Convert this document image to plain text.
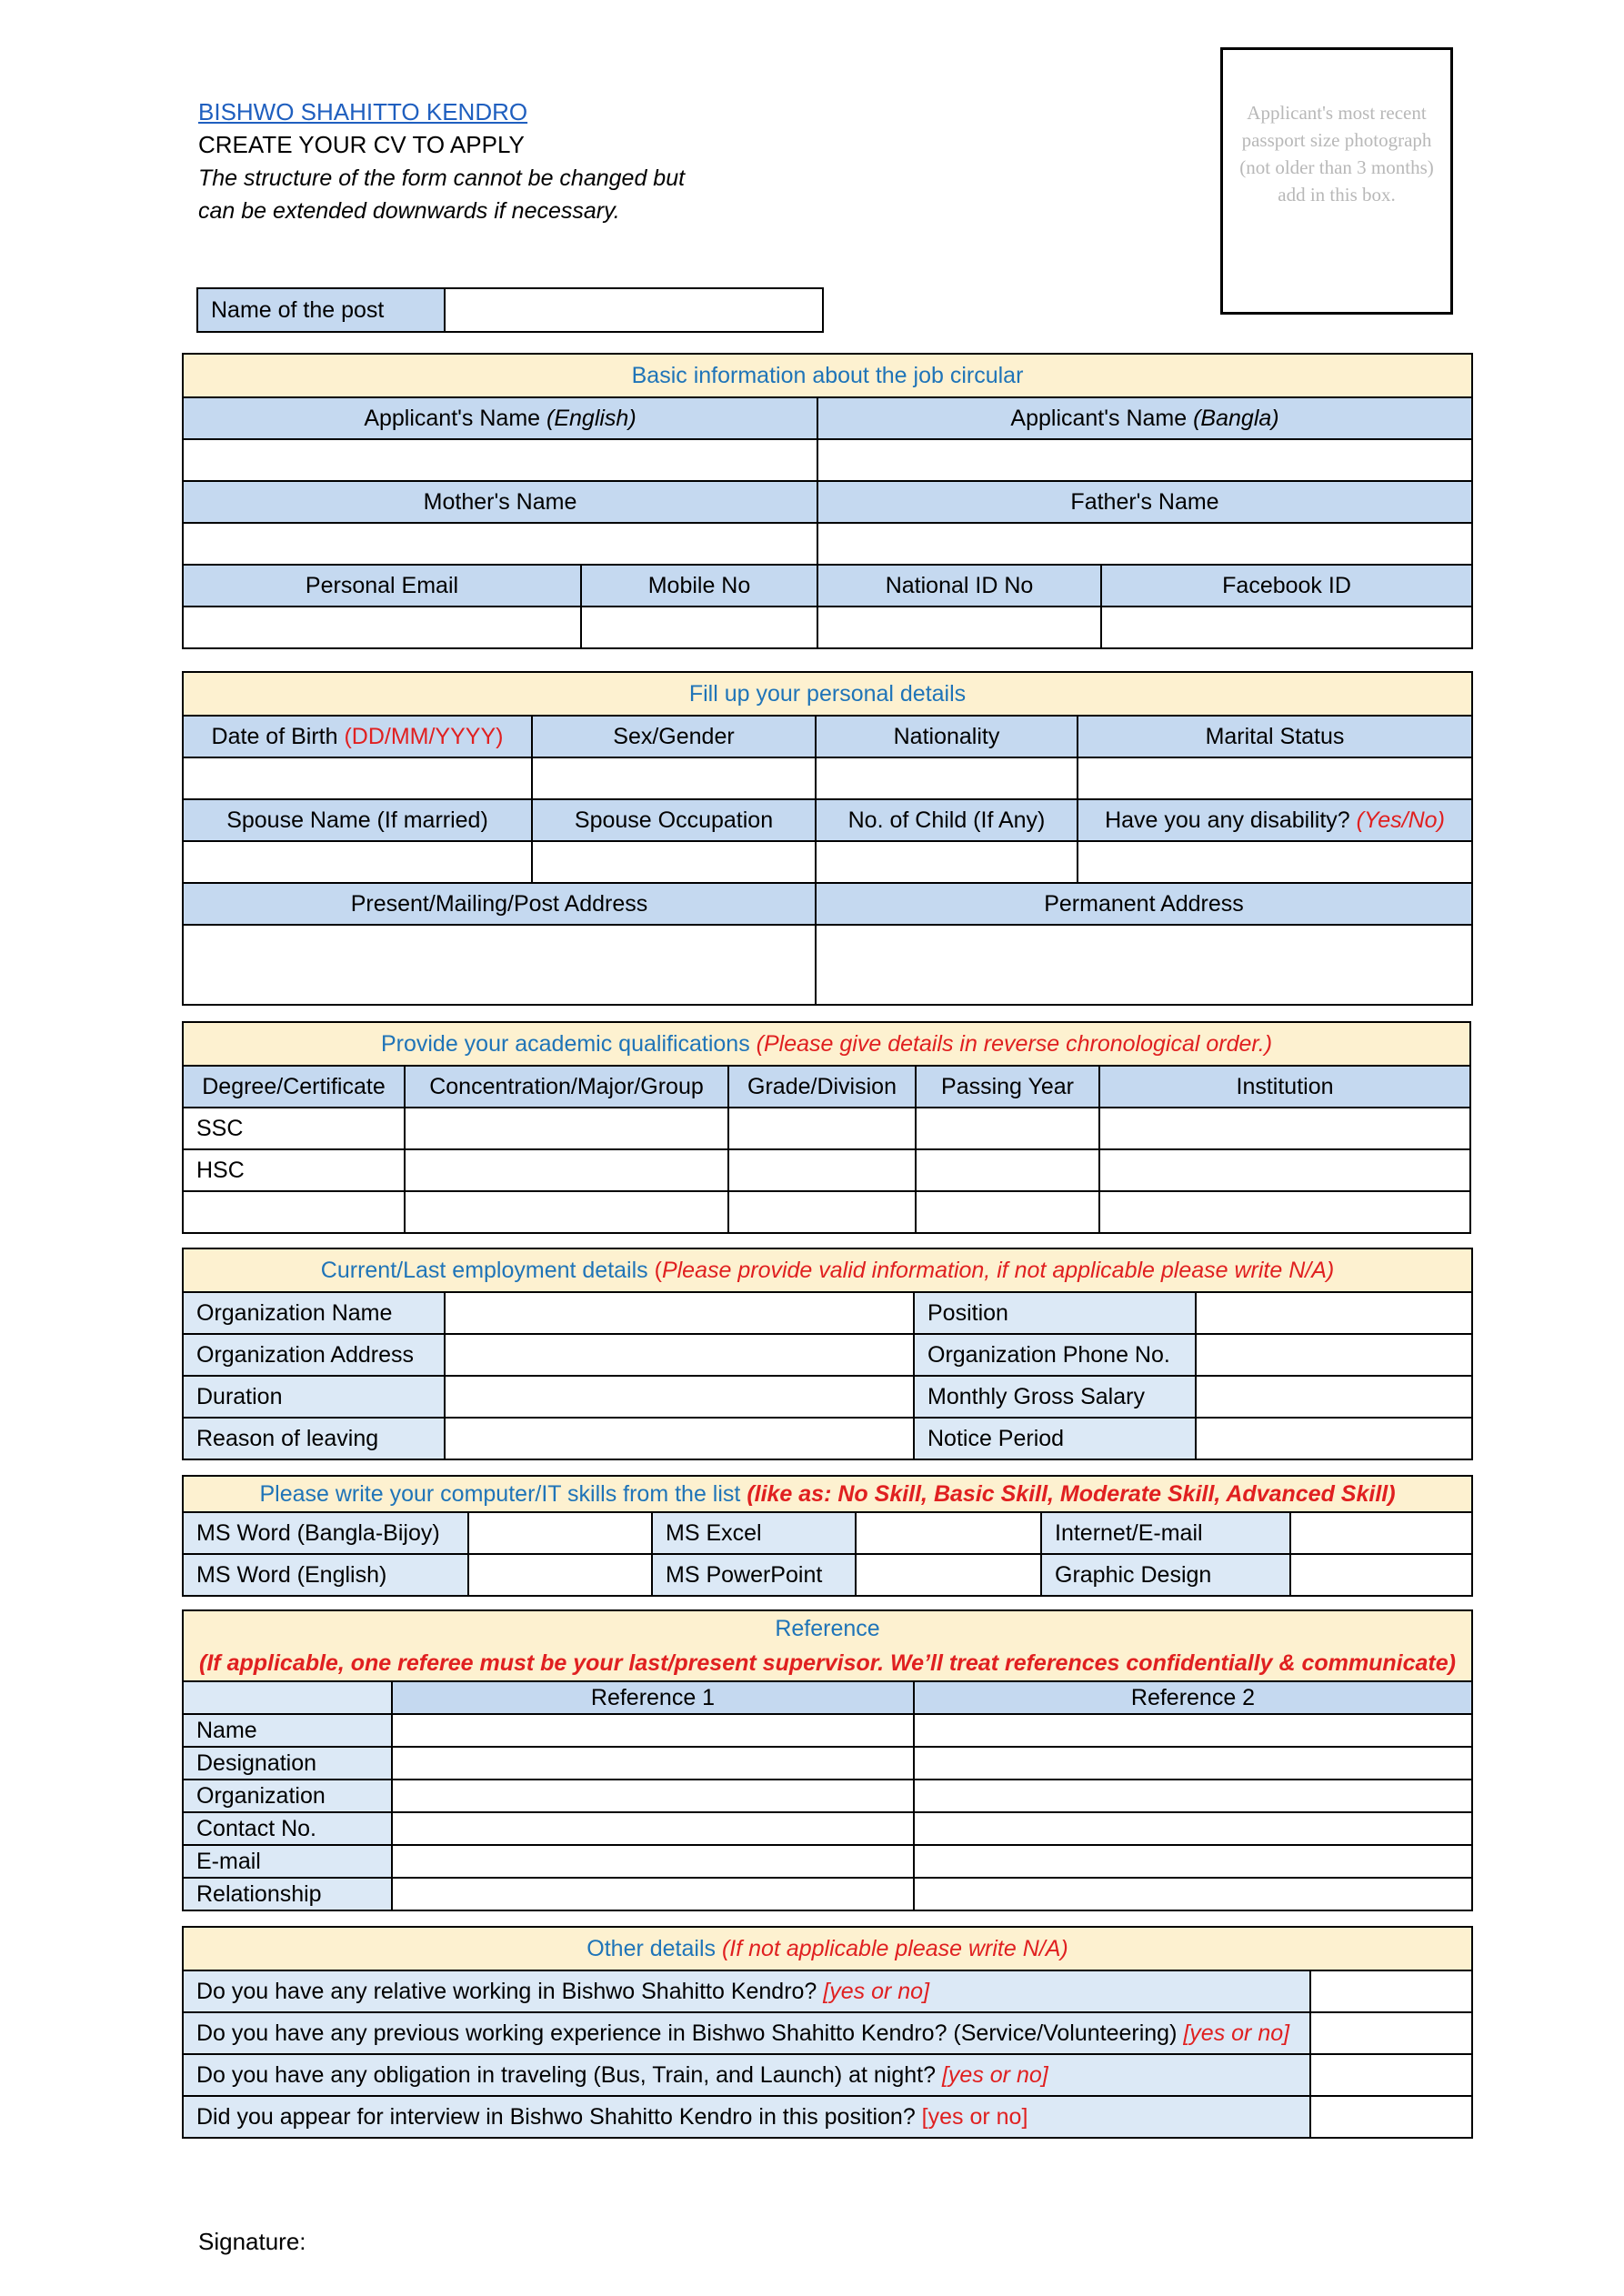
BISHWO SHAHITTO KENDRO
CREATE YOUR CV TO APPLY
The structure of the form cannot be changed but can be extended downwards if necessary.
Applicant's most recent passport size photograph (not older than 3 months) add in this box.
Name of the post	
Basic information about the job circular			
Applicant's Name (English)		Applicant's Name (Bangla)	

Mother's Name		Father's Name	

Personal Email	Mobile No	National ID No	Facebook ID

Fill up your personal details			
Date of Birth (DD/MM/YYYY)	Sex/Gender	Nationality	Marital Status

Spouse Name (If married)	Spouse Occupation	No. of Child (If Any)	Have you any disability? (Yes/No)

Present/Mailing/Post Address		Permanent Address	

Provide your academic qualifications (Please give details in reverse chronological order.)				
Degree/Certificate	Concentration/Major/Group	Grade/Division	Passing Year	Institution
SSC				
HSC				

Current/Last employment details (Please provide valid information, if not applicable please write N/A)			
Organization Name		Position	
Organization Address		Organization Phone No.	
Duration		Monthly Gross Salary	
Reason of leaving		Notice Period	
Please write your computer/IT skills from the list (like as: No Skill, Basic Skill, Moderate Skill, Advanced Skill)					
MS Word (Bangla-Bijoy)		MS Excel		Internet/E-mail	
MS Word (English)		MS PowerPoint		Graphic Design	
Reference
(If applicable, one referee must be your last/present supervisor. We’ll treat references confidentially & communicate)		
	Reference 1	Reference 2
Name		
Designation		
Organization		
Contact No.		
E-mail		
Relationship		
Other details (If not applicable please write N/A)	
Do you have any relative working in Bishwo Shahitto Kendro? [yes or no]	
Do you have any previous working experience in Bishwo Shahitto Kendro? (Service/Volunteering) [yes or no]	
Do you have any obligation in traveling (Bus, Train, and Launch) at night? [yes or no]	
Did you appear for interview in Bishwo Shahitto Kendro in this position? [yes or no]	
Signature:
